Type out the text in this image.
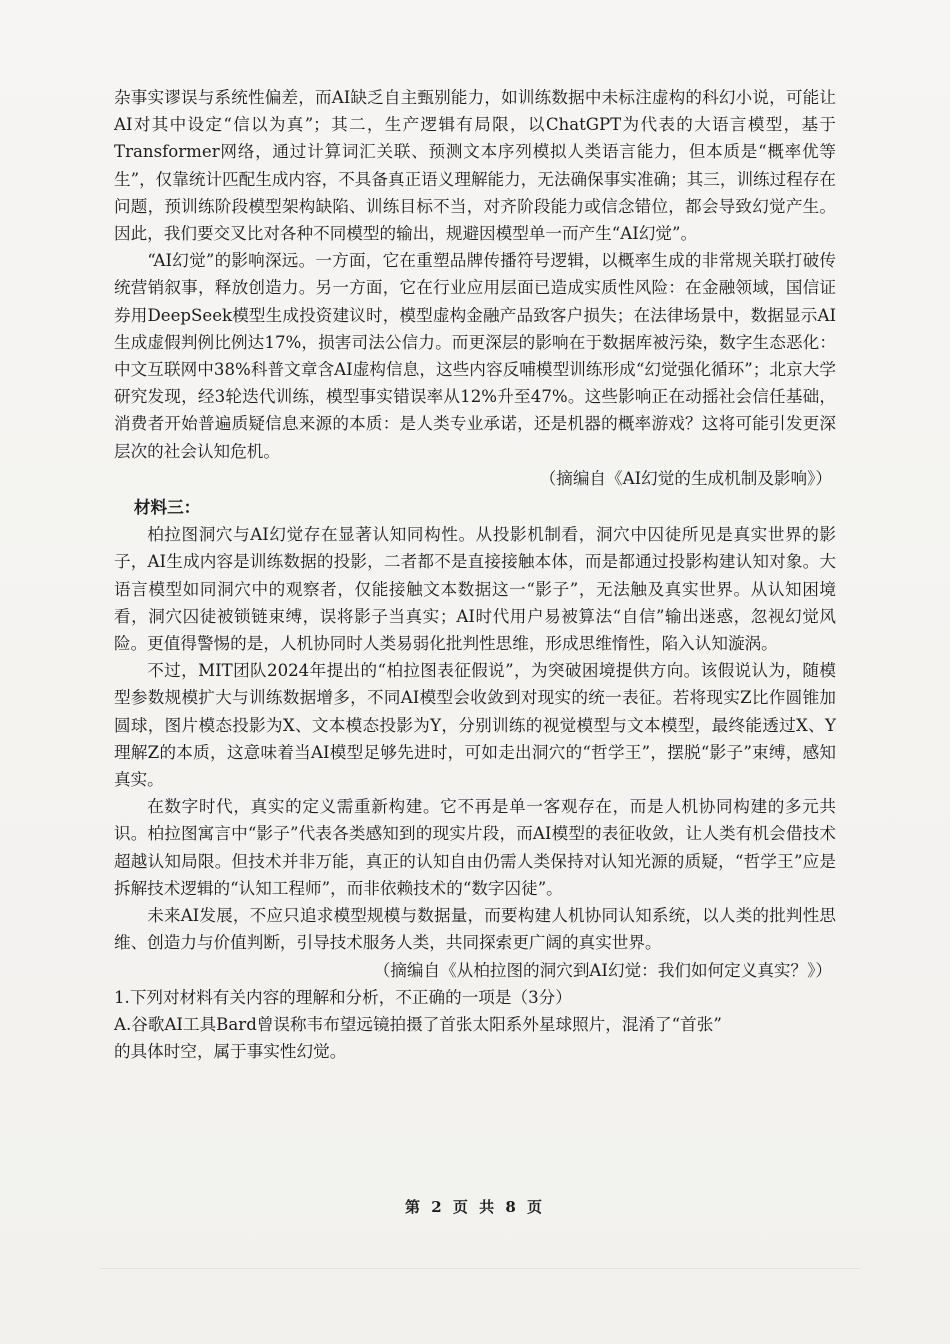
杂事实谬误与系统性偏差，而AI缺乏自主甄别能力，如训练数据中未标注虚构的科幻小说，可能让AI对其中设定“信以为真”；其二，生产逻辑有局限，以ChatGPT为代表的大语言模型，基于Transformer网络，通过计算词汇关联、预测文本序列模拟人类语言能力，但本质是“概率优等生”，仅靠统计匹配生成内容，不具备真正语义理解能力，无法确保事实准确；其三，训练过程存在问题，预训练阶段模型架构缺陷、训练目标不当，对齐阶段能力或信念错位，都会导致幻觉产生。因此，我们要交叉比对各种不同模型的输出，规避因模型单一而产生“AI幻觉”。

“AI幻觉”的影响深远。一方面，它在重塑品牌传播符号逻辑，以概率生成的非常规关联打破传统营销叙事，释放创造力。另一方面，它在行业应用层面已造成实质性风险：在金融领域，国信证券用DeepSeek模型生成投资建议时，模型虚构金融产品致客户损失；在法律场景中，数据显示AI生成虚假判例比例达17%，损害司法公信力。而更深层的影响在于数据库被污染，数字生态恶化：中文互联网中38%科普文章含AI虚构信息，这些内容反哺模型训练形成“幻觉强化循环”；北京大学研究发现，经3轮迭代训练，模型事实错误率从12%升至47%。这些影响正在动摇社会信任基础，消费者开始普遍质疑信息来源的本质：是人类专业承诺，还是机器的概率游戏？这将可能引发更深层次的社会认知危机。

（摘编自《AI幻觉的生成机制及影响》）

材料三：

柏拉图洞穴与AI幻觉存在显著认知同构性。从投影机制看，洞穴中囚徒所见是真实世界的影子，AI生成内容是训练数据的投影，二者都不是直接接触本体，而是都通过投影构建认知对象。大语言模型如同洞穴中的观察者，仅能接触文本数据这一“影子”，无法触及真实世界。从认知困境看，洞穴囚徒被锁链束缚，误将影子当真实；AI时代用户易被算法“自信”输出迷惑，忽视幻觉风险。更值得警惕的是，人机协同时人类易弱化批判性思维，形成思维惰性，陷入认知漩涡。

不过，MIT团队2024年提出的“柏拉图表征假说”，为突破困境提供方向。该假说认为，随模型参数规模扩大与训练数据增多，不同AI模型会收敛到对现实的统一表征。若将现实Z比作圆锥加圆球，图片模态投影为X、文本模态投影为Y，分别训练的视觉模型与文本模型，最终能透过X、Y理解Z的本质，这意味着当AI模型足够先进时，可如走出洞穴的“哲学王”，摆脱“影子”束缚，感知真实。

在数字时代，真实的定义需重新构建。它不再是单一客观存在，而是人机协同构建的多元共识。柏拉图寓言中“影子”代表各类感知到的现实片段，而AI模型的表征收敛，让人类有机会借技术超越认知局限。但技术并非万能，真正的认知自由仍需人类保持对认知光源的质疑，“哲学王”应是拆解技术逻辑的“认知工程师”，而非依赖技术的“数字囚徒”。

未来AI发展，不应只追求模型规模与数据量，而要构建人机协同认知系统，以人类的批判性思维、创造力与价值判断，引导技术服务人类，共同探索更广阔的真实世界。

（摘编自《从柏拉图的洞穴到AI幻觉：我们如何定义真实？》）

1.下列对材料有关内容的理解和分析，不正确的一项是（3分）

A.谷歌AI工具Bard曾误称韦布望远镜拍摄了首张太阳系外星球照片，混淆了“首张”

的具体时空，属于事实性幻觉。

第 2 页 共 8 页
